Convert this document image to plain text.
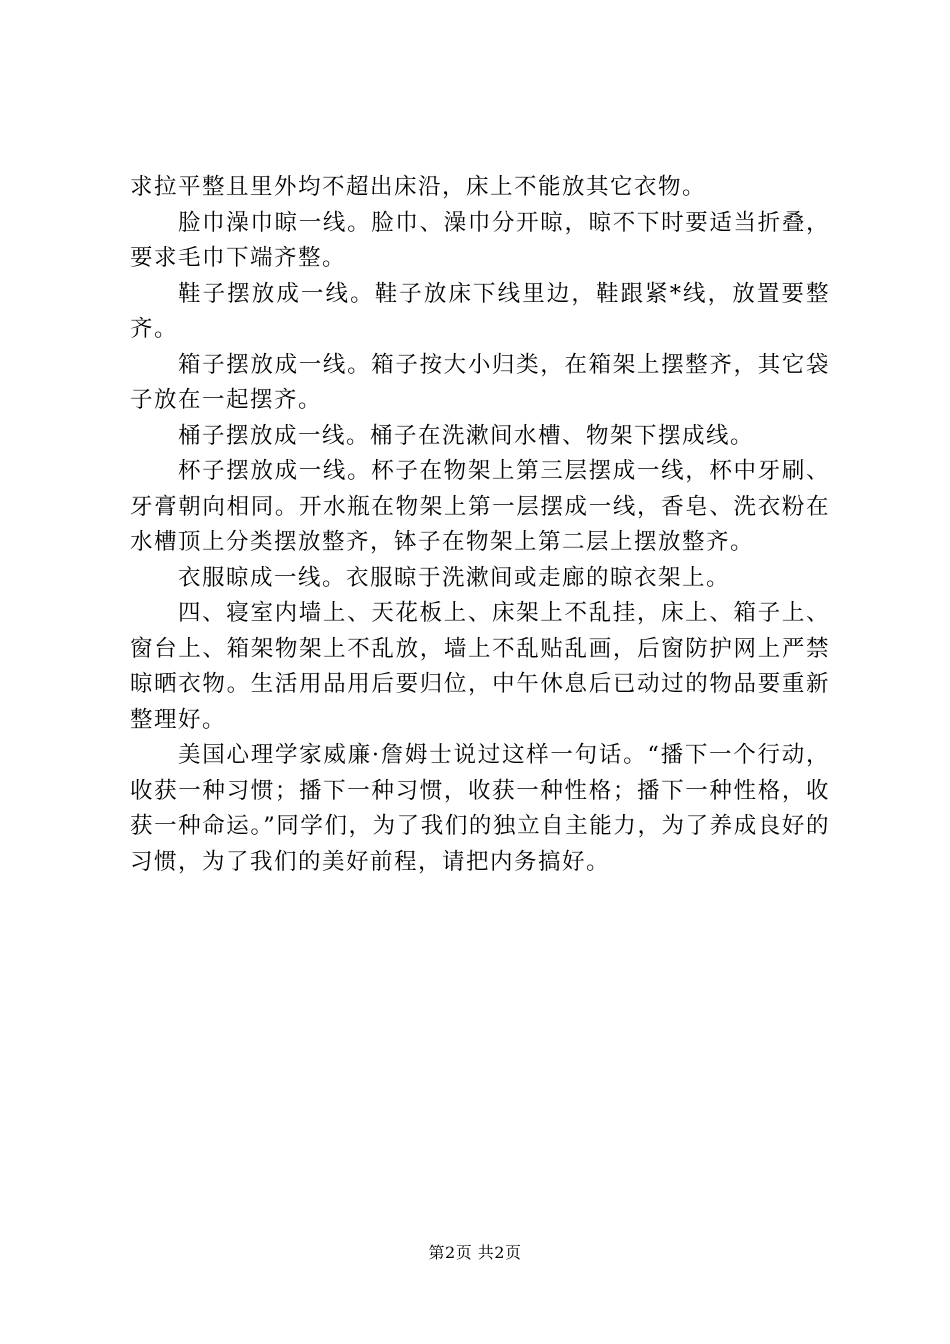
求拉平整且里外均不超出床沿，床上不能放其它衣物。

脸巾澡巾晾一线。脸巾、澡巾分开晾，晾不下时要适当折叠，要求毛巾下端齐整。

鞋子摆放成一线。鞋子放床下线里边，鞋跟紧*线，放置要整齐。

箱子摆放成一线。箱子按大小归类，在箱架上摆整齐，其它袋子放在一起摆齐。

桶子摆放成一线。桶子在洗漱间水槽、物架下摆成线。

杯子摆放成一线。杯子在物架上第三层摆成一线，杯中牙刷、牙膏朝向相同。开水瓶在物架上第一层摆成一线，香皂、洗衣粉在水槽顶上分类摆放整齐，钵子在物架上第二层上摆放整齐。

衣服晾成一线。衣服晾于洗漱间或走廊的晾衣架上。

四、寝室内墙上、天花板上、床架上不乱挂，床上、箱子上、窗台上、箱架物架上不乱放，墙上不乱贴乱画，后窗防护网上严禁晾晒衣物。生活用品用后要归位，中午休息后已动过的物品要重新整理好。

美国心理学家威廉·詹姆士说过这样一句话。“播下一个行动，收获一种习惯；播下一种习惯，收获一种性格；播下一种性格，收获一种命运。”同学们，为了我们的独立自主能力，为了养成良好的习惯，为了我们的美好前程，请把内务搞好。

第2页 共2页
